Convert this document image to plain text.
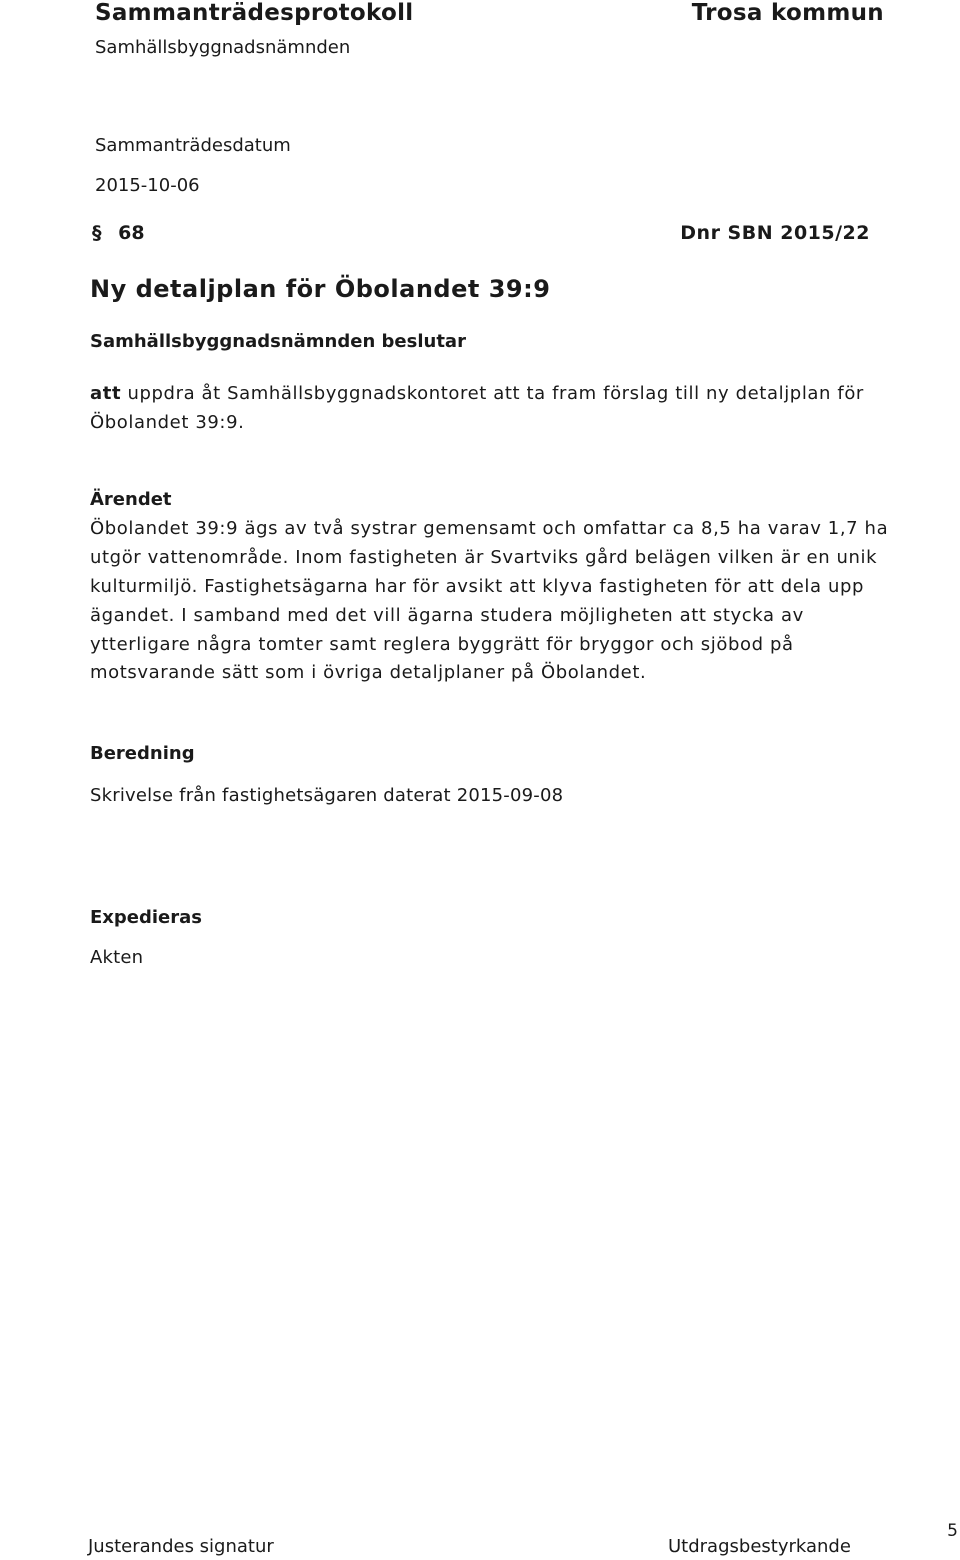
Sammanträdesprotokoll	Trosa kommun
Samhällsbyggnadsnämnden
Sammanträdesdatum
2015-10-06
§ 68	Dnr SBN 2015/22
Ny detaljplan för Öbolandet 39:9
Samhällsbyggnadsnämnden beslutar
att uppdra åt Samhällsbyggnadskontoret att ta fram förslag till ny detaljplan för
Öbolandet 39:9.
Ärendet
Öbolandet 39:9 ägs av två systrar gemensamt och omfattar ca 8,5 ha varav 1,7 ha
utgör vattenområde. Inom fastigheten är Svartviks gård belägen vilken är en unik
kulturmiljö. Fastighetsägarna har för avsikt att klyva fastigheten för att dela upp
ägandet. I samband med det vill ägarna studera möjligheten att stycka av
ytterligare några tomter samt reglera byggrätt för bryggor och sjöbod på
motsvarande sätt som i övriga detaljplaner på Öbolandet.
Beredning
Skrivelse från fastighetsägaren daterat 2015-09-08
Expedieras
Akten
Justerandes signatur	Utdragsbestyrkande
5
